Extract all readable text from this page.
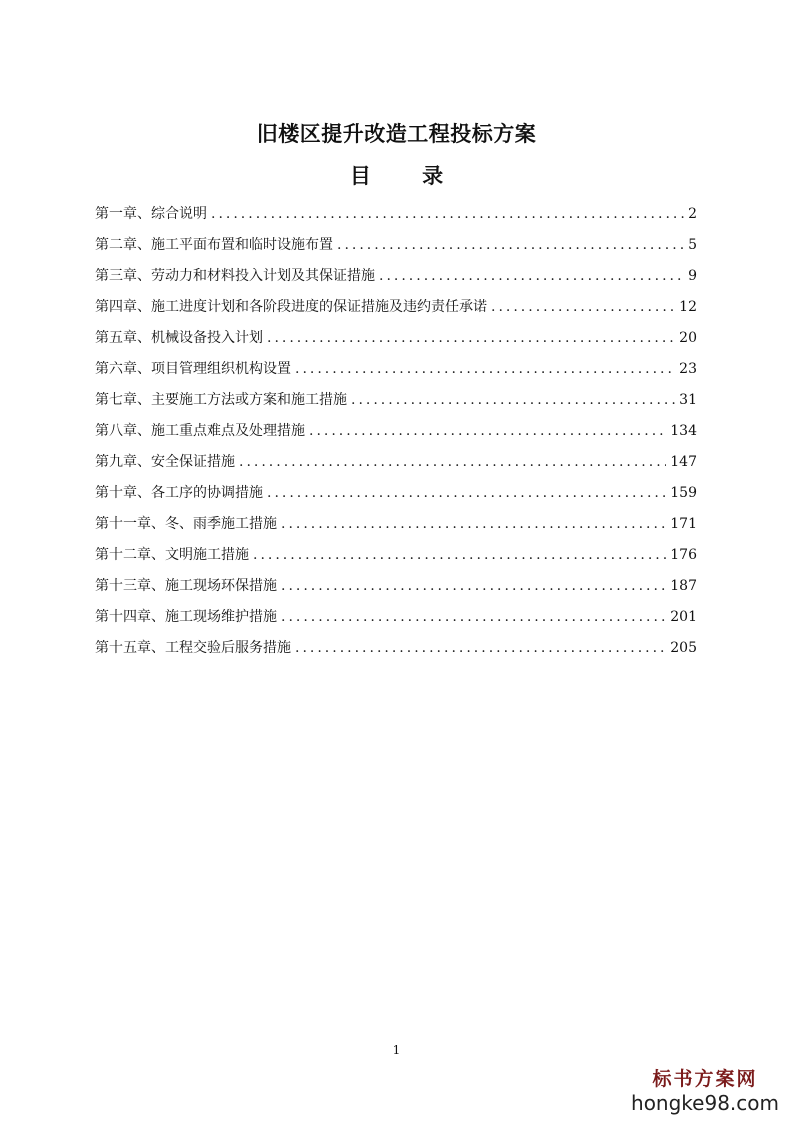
旧楼区提升改造工程投标方案
目 录
第一章、综合说明 .....	2
第二章、施工平面布置和临时设施布置 .....	5
第三章、劳动力和材料投入计划及其保证措施 .....	9
第四章、施工进度计划和各阶段进度的保证措施及违约责任承诺 .....	12
第五章、机械设备投入计划 .....	20
第六章、项目管理组织机构设置 .....	23
第七章、主要施工方法或方案和施工措施 .....	31
第八章、施工重点难点及处理措施 .....	134
第九章、安全保证措施 .....	147
第十章、各工序的协调措施 .....	159
第十一章、冬、雨季施工措施 .....	171
第十二章、文明施工措施 .....	176
第十三章、施工现场环保措施 .....	187
第十四章、施工现场维护措施 .....	201
第十五章、工程交验后服务措施 .....	205
1
标书方案网
hongke98.com
